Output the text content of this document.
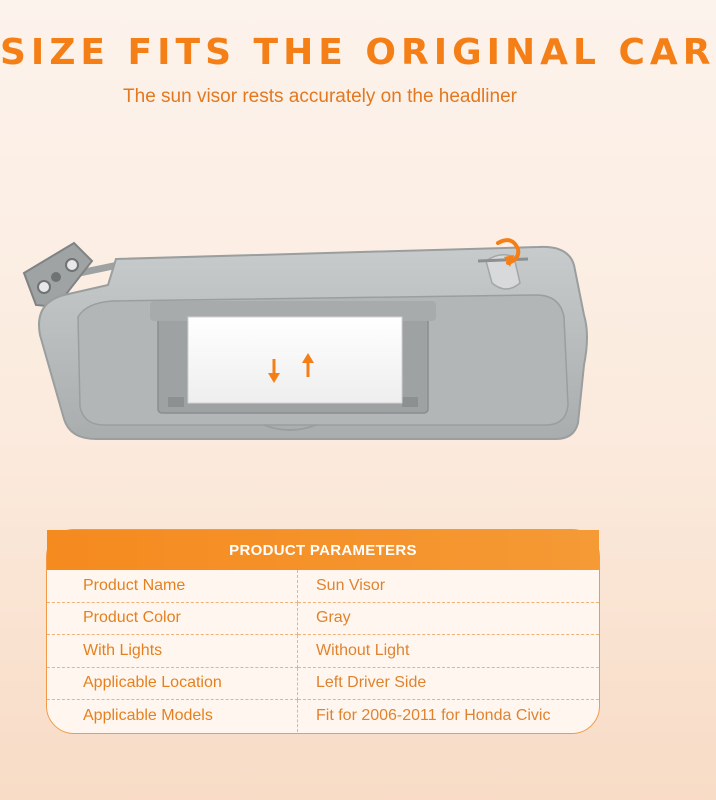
SIZE FITS THE ORIGINAL CAR
The sun visor rests accurately on the headliner
PRODUCT PARAMETERS
Product Name	Sun Visor
Product Color	Gray
With Lights	Without Light
Applicable Location	Left Driver Side
Applicable Models	Fit for 2006-2011 for Honda Civic
